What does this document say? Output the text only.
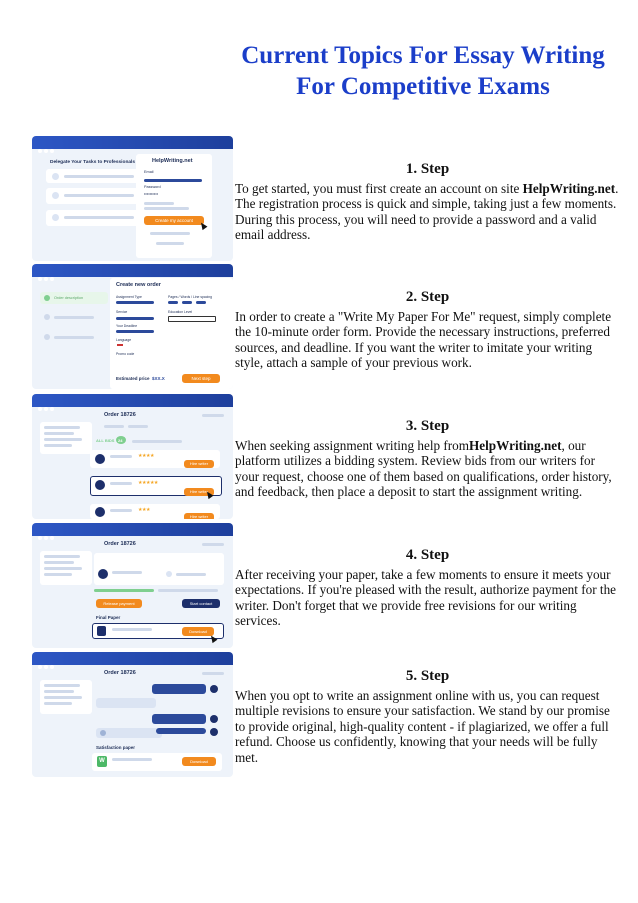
Current Topics For Essay Writing
For Competitive Exams
Delegate Your Tasks to Professionals	HelpWriting.net
Email
Password
••••••••••
Create my account
1. Step

To get started, you must first create an account on site HelpWriting.net. The registration process is quick and simple, taking just a few moments. During this process, you will need to provide a password and a valid email address.

Order description
Create new order
Assignment Type	Pages / Words / Line spacing
Service	Education Level
Your Deadline
Language
Promo code
Estimated price $XX.X	Next step
2. Step

In order to create a "Write My Paper For Me" request, simply complete the 10-minute order form. Provide the necessary instructions, preferred sources, and deadline. If you want the writer to imitate your writing style, attach a sample of your previous work.

Order 18726
ALL BIDS 24
★★★★
Hire writer
★★★★★
Hire writer
★★★
Hire writer
3. Step

When seeking assignment writing help fromHelpWriting.net, our platform utilizes a bidding system. Review bids from our writers for your request, choose one of them based on qualifications, order history, and feedback, then place a deposit to start the assignment writing.

Order 18726
Release payment	Start contact
Final Paper
Download
4. Step

After receiving your paper, take a few moments to ensure it meets your expectations. If you're pleased with the result, authorize payment for the writer. Don't forget that we provide free revisions for our writing services.

Order 18726
Satisfaction paper
W	Download
5. Step

When you opt to write an assignment online with us, you can request multiple revisions to ensure your satisfaction. We stand by our promise to provide original, high-quality content - if plagiarized, we offer a full refund. Choose us confidently, knowing that your needs will be fully met.
